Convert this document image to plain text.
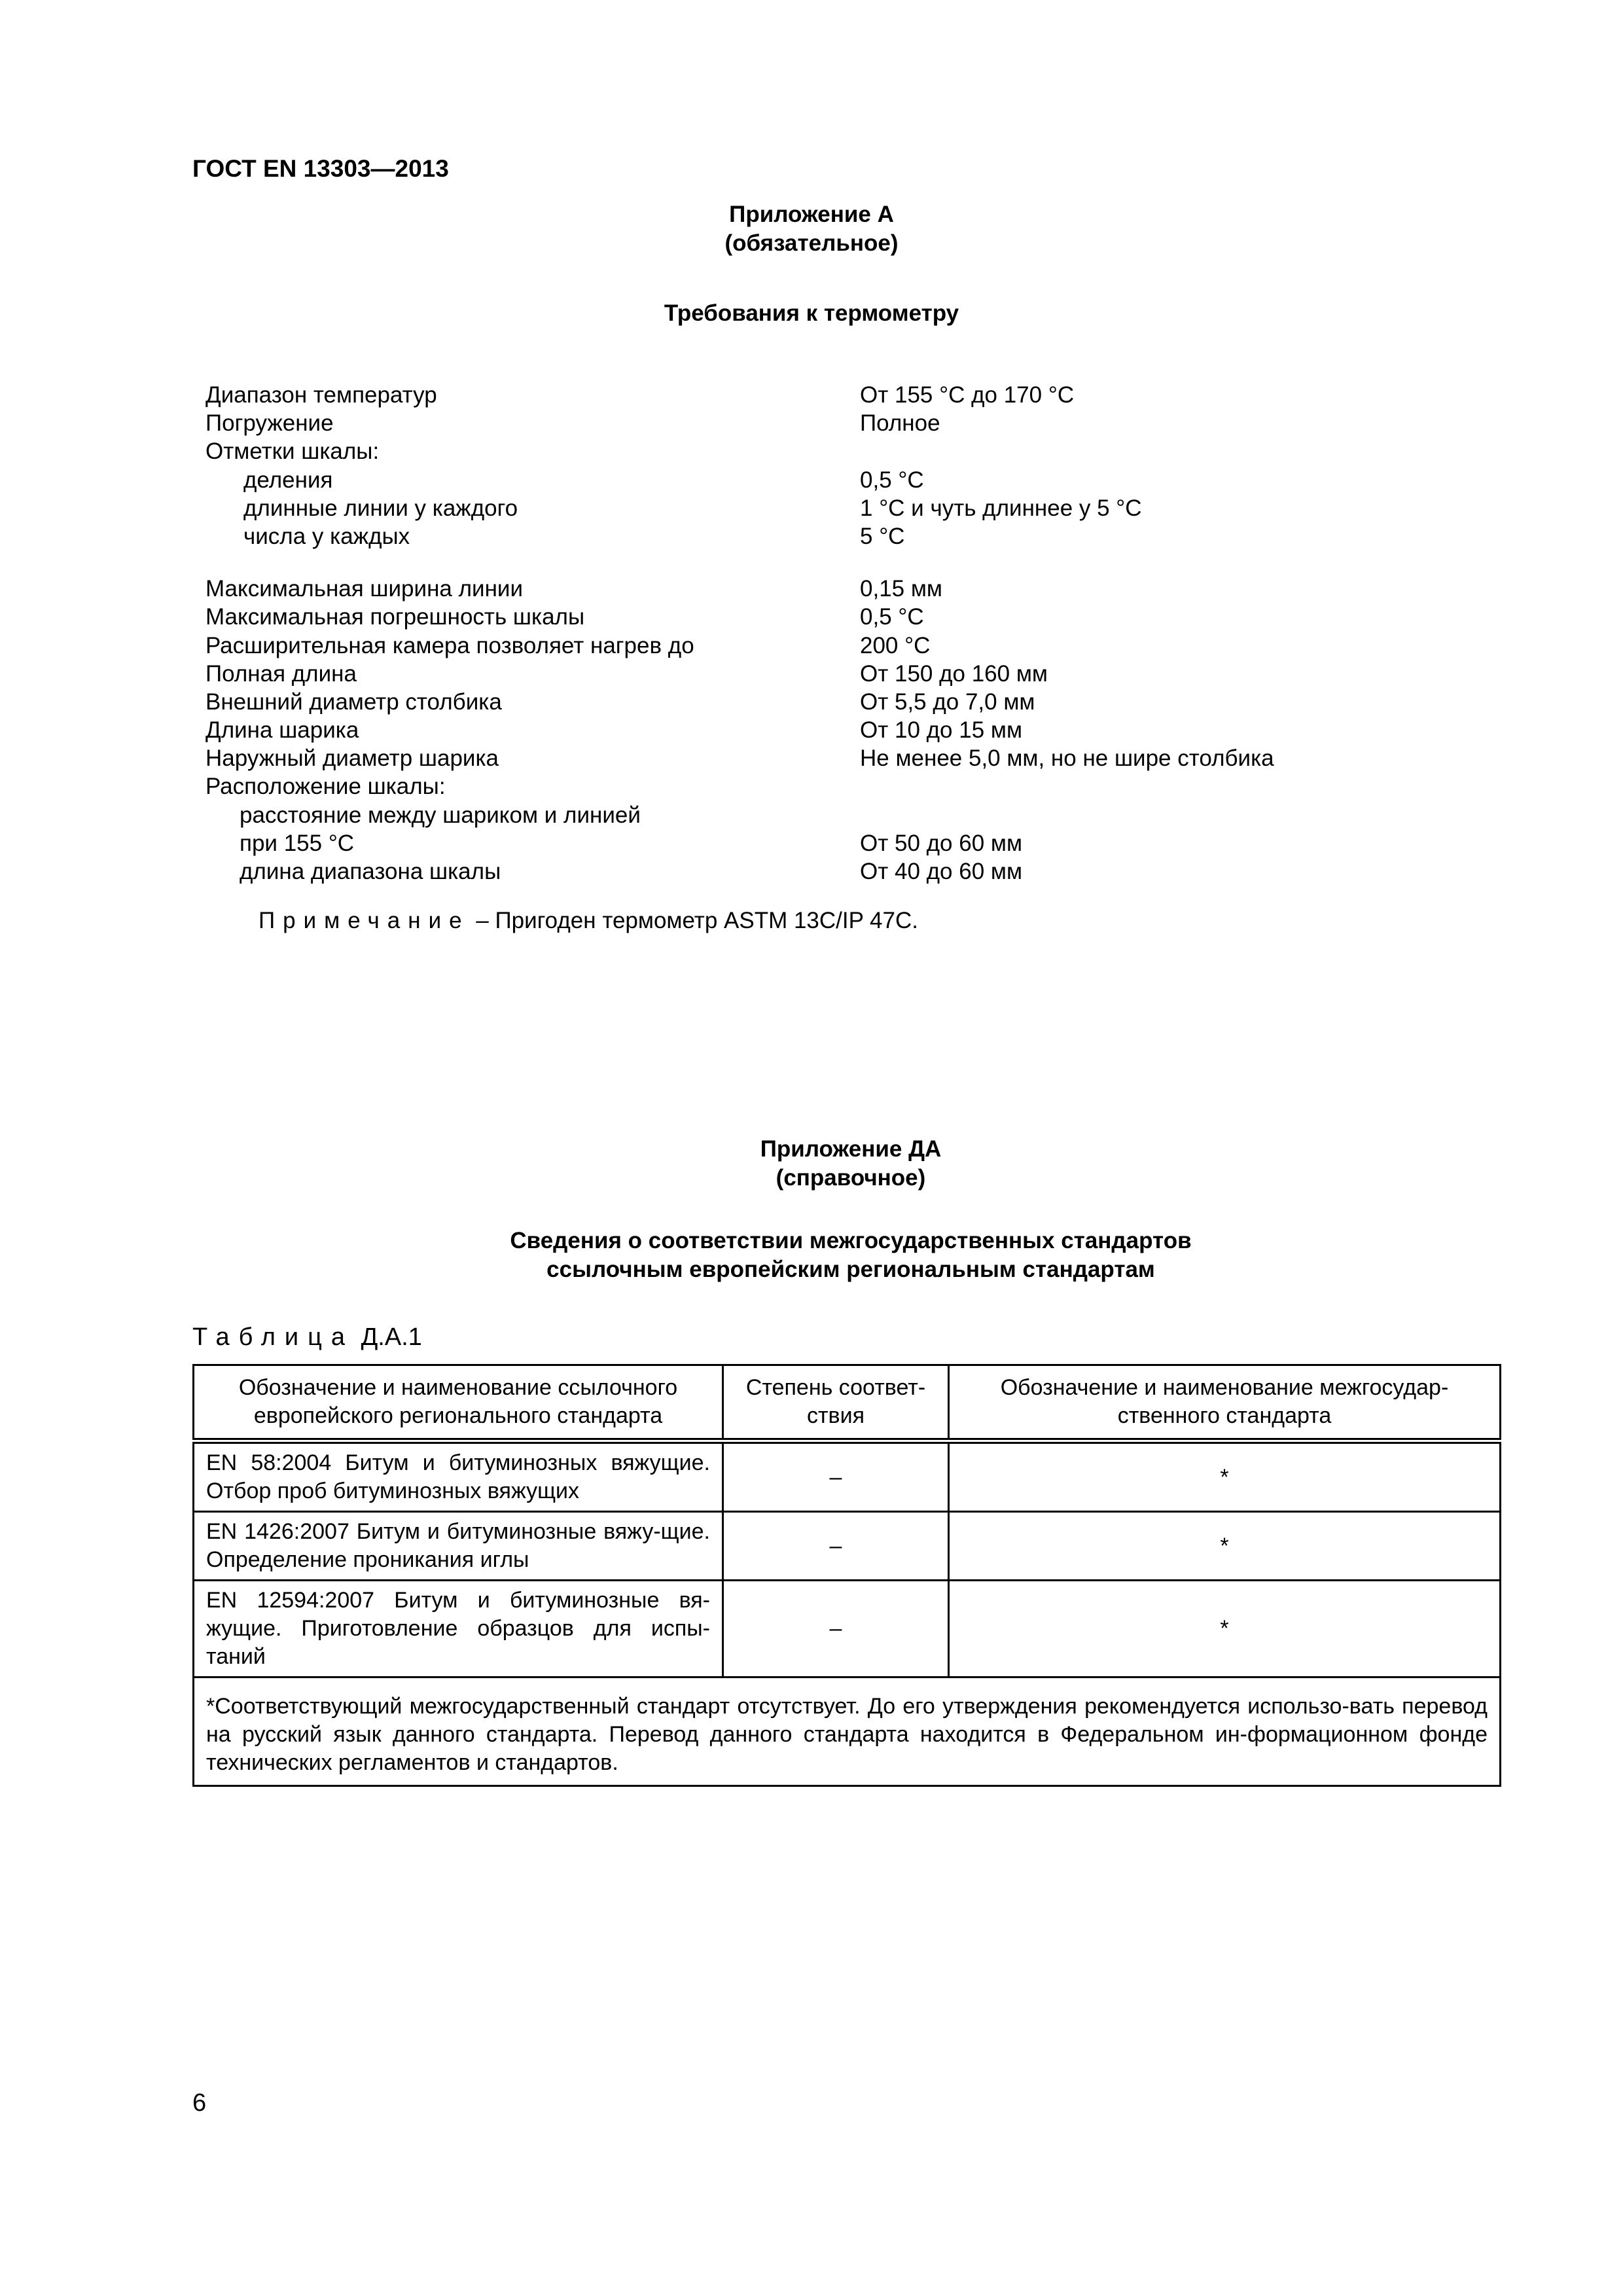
ГОСТ EN 13303—2013
Приложение А
(обязательное)
Требования к термометру
Диапазон температур	От 155 °C до 170 °C
Погружение	Полное
Отметки шкалы:
деления	0,5 °C
длинные линии у каждого	1 °C и чуть длиннее у 5 °C
числа у каждых	5 °C
Максимальная ширина линии	0,15 мм
Максимальная погрешность шкалы	0,5 °C
Расширительная камера позволяет нагрев до	200 °C
Полная длина	От 150 до 160 мм
Внешний диаметр столбика	От 5,5 до 7,0 мм
Длина шарика	От 10 до 15 мм
Наружный диаметр шарика	Не менее 5,0 мм, но не шире столбика
Расположение шкалы:
расстояние между шариком и линией
при 155 °C	От 50 до 60 мм
длина диапазона шкалы	От 40 до 60 мм
Примечание – Пригоден термометр ASTM 13C/IP 47C.
Приложение ДА
(справочное)
Сведения о соответствии межгосударственных стандартов
ссылочным европейским региональным стандартам
Таблица Д.А.1
Обозначение и наименование ссылочного европейского регионального стандарта	Степень соответ-ствия	Обозначение и наименование межгосудар-ственного стандарта
EN 58:2004 Битум и битуминозных вяжущие. Отбор проб битуминозных вяжущих	–	*
EN 1426:2007 Битум и битуминозные вяжу-щие. Определение проникания иглы	–	*
EN 12594:2007 Битум и битуминозные вя-жущие. Приготовление образцов для испы-таний	–	*
*Соответствующий межгосударственный стандарт отсутствует. До его утверждения рекомендуется использо-вать перевод на русский язык данного стандарта. Перевод данного стандарта находится в Федеральном ин-формационном фонде технических регламентов и стандартов.		
6
